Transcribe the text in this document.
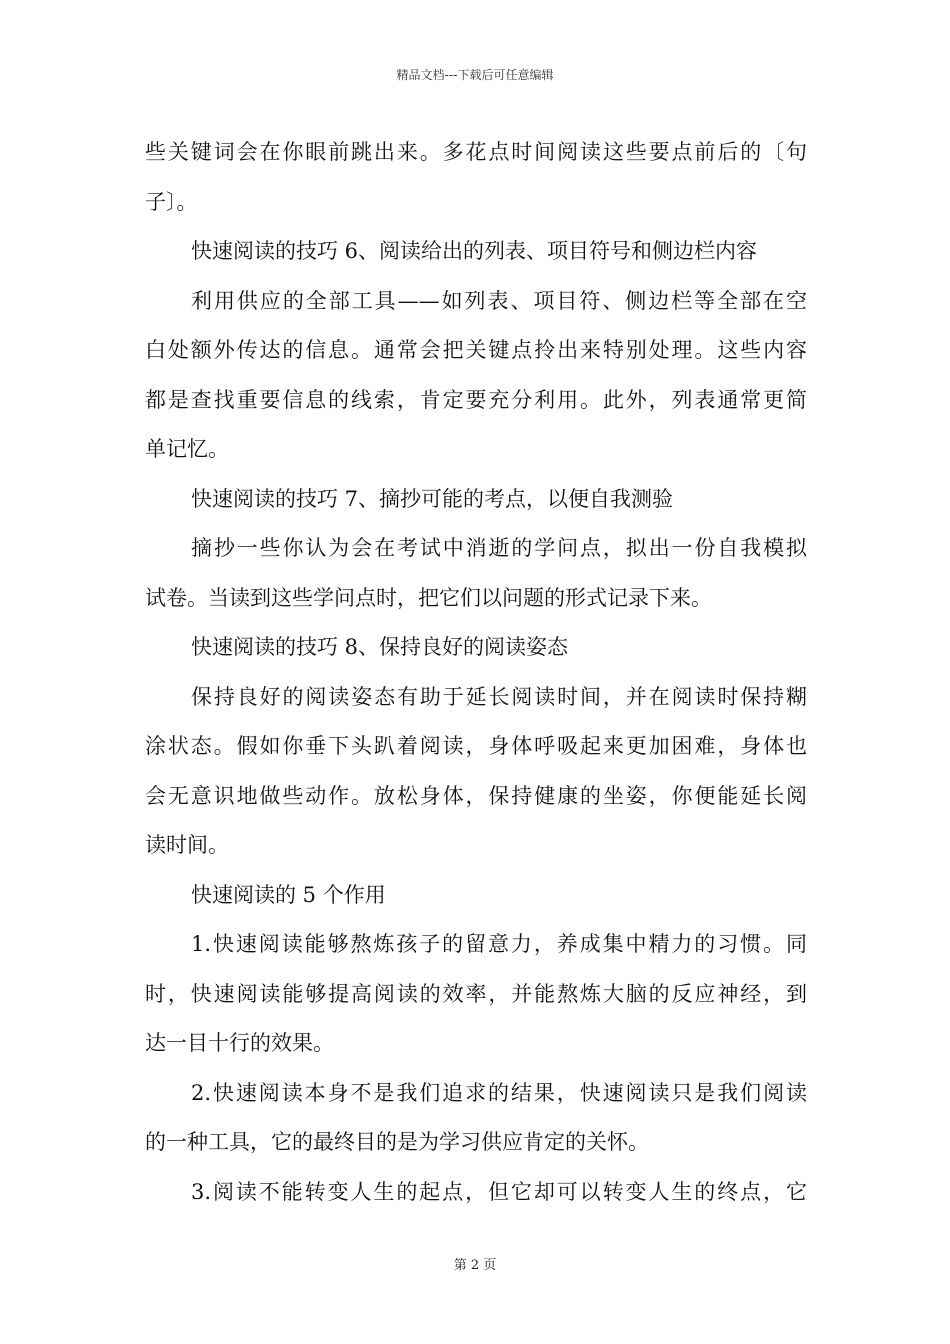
精品文档---下载后可任意编辑
些关键词会在你眼前跳出来。多花点时间阅读这些要点前后的〔句
子〕。
快速阅读的技巧 6、阅读给出的列表、项目符号和侧边栏内容
利用供应的全部工具——如列表、项目符、侧边栏等全部在空
白处额外传达的信息。通常会把关键点拎出来特别处理。这些内容
都是查找重要信息的线索，肯定要充分利用。此外，列表通常更简
单记忆。
快速阅读的技巧 7、摘抄可能的考点，以便自我测验
摘抄一些你认为会在考试中消逝的学问点，拟出一份自我模拟
试卷。当读到这些学问点时，把它们以问题的形式记录下来。
快速阅读的技巧 8、保持良好的阅读姿态
保持良好的阅读姿态有助于延长阅读时间，并在阅读时保持糊
涂状态。假如你垂下头趴着阅读，身体呼吸起来更加困难，身体也
会无意识地做些动作。放松身体，保持健康的坐姿，你便能延长阅
读时间。
快速阅读的 5 个作用
1.快速阅读能够熬炼孩子的留意力，养成集中精力的习惯。同
时，快速阅读能够提高阅读的效率，并能熬炼大脑的反应神经，到
达一目十行的效果。
2.快速阅读本身不是我们追求的结果，快速阅读只是我们阅读
的一种工具，它的最终目的是为学习供应肯定的关怀。
3.阅读不能转变人生的起点，但它却可以转变人生的终点，它
第 2 页
